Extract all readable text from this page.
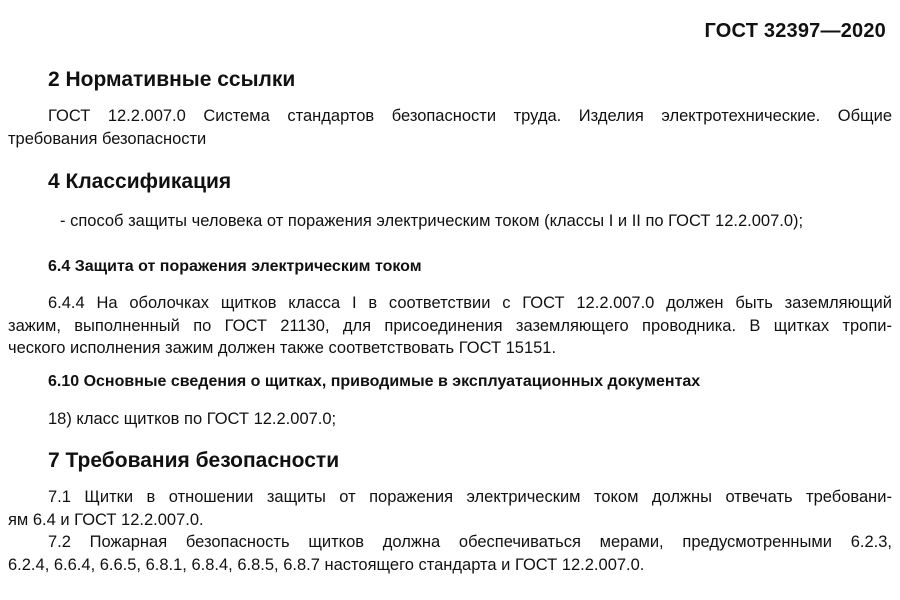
ГОСТ 32397—2020
2 Нормативные ссылки
ГОСТ 12.2.007.0 Система стандартов безопасности труда. Изделия электротехнические. Общие
требования безопасности
4 Классификация
- способ защиты человека от поражения электрическим током (классы I и II по ГОСТ 12.2.007.0);
6.4 Защита от поражения электрическим током
6.4.4 На оболочках щитков класса I в соответствии с ГОСТ 12.2.007.0 должен быть заземляющий
зажим, выполненный по ГОСТ 21130, для присоединения заземляющего проводника. В щитках тропи-
ческого исполнения зажим должен также соответствовать ГОСТ 15151.
6.10 Основные сведения о щитках, приводимые в эксплуатационных документах
18) класс щитков по ГОСТ 12.2.007.0;
7 Требования безопасности
7.1 Щитки в отношении защиты от поражения электрическим током должны отвечать требовани-
ям 6.4 и ГОСТ 12.2.007.0.
7.2 Пожарная безопасность щитков должна обеспечиваться мерами, предусмотренными 6.2.3,
6.2.4, 6.6.4, 6.6.5, 6.8.1, 6.8.4, 6.8.5, 6.8.7 настоящего стандарта и ГОСТ 12.2.007.0.
